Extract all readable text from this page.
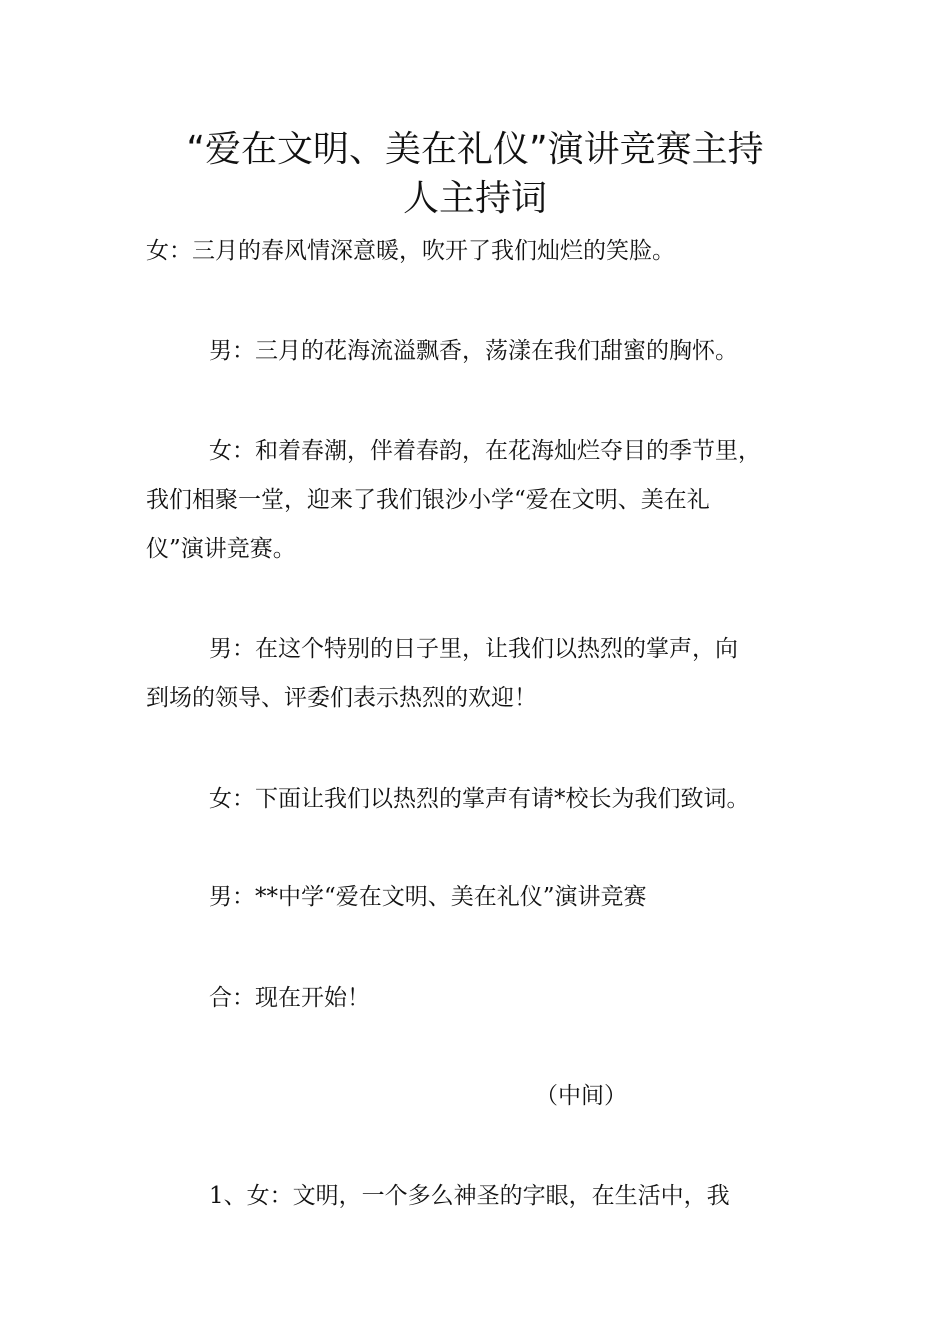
“爱在文明、美在礼仪”演讲竞赛主持
人主持词
女：三月的春风情深意暖，吹开了我们灿烂的笑脸。
男：三月的花海流溢飘香，荡漾在我们甜蜜的胸怀。
女：和着春潮，伴着春韵，在花海灿烂夺目的季节里，
我们相聚一堂，迎来了我们银沙小学“爱在文明、美在礼
仪”演讲竞赛。
男：在这个特别的日子里，让我们以热烈的掌声，向
到场的领导、评委们表示热烈的欢迎！
女：下面让我们以热烈的掌声有请*校长为我们致词。
男：**中学“爱在文明、美在礼仪”演讲竞赛
合：现在开始！
（中间）
1、女：文明，一个多么神圣的字眼，在生活中，我
